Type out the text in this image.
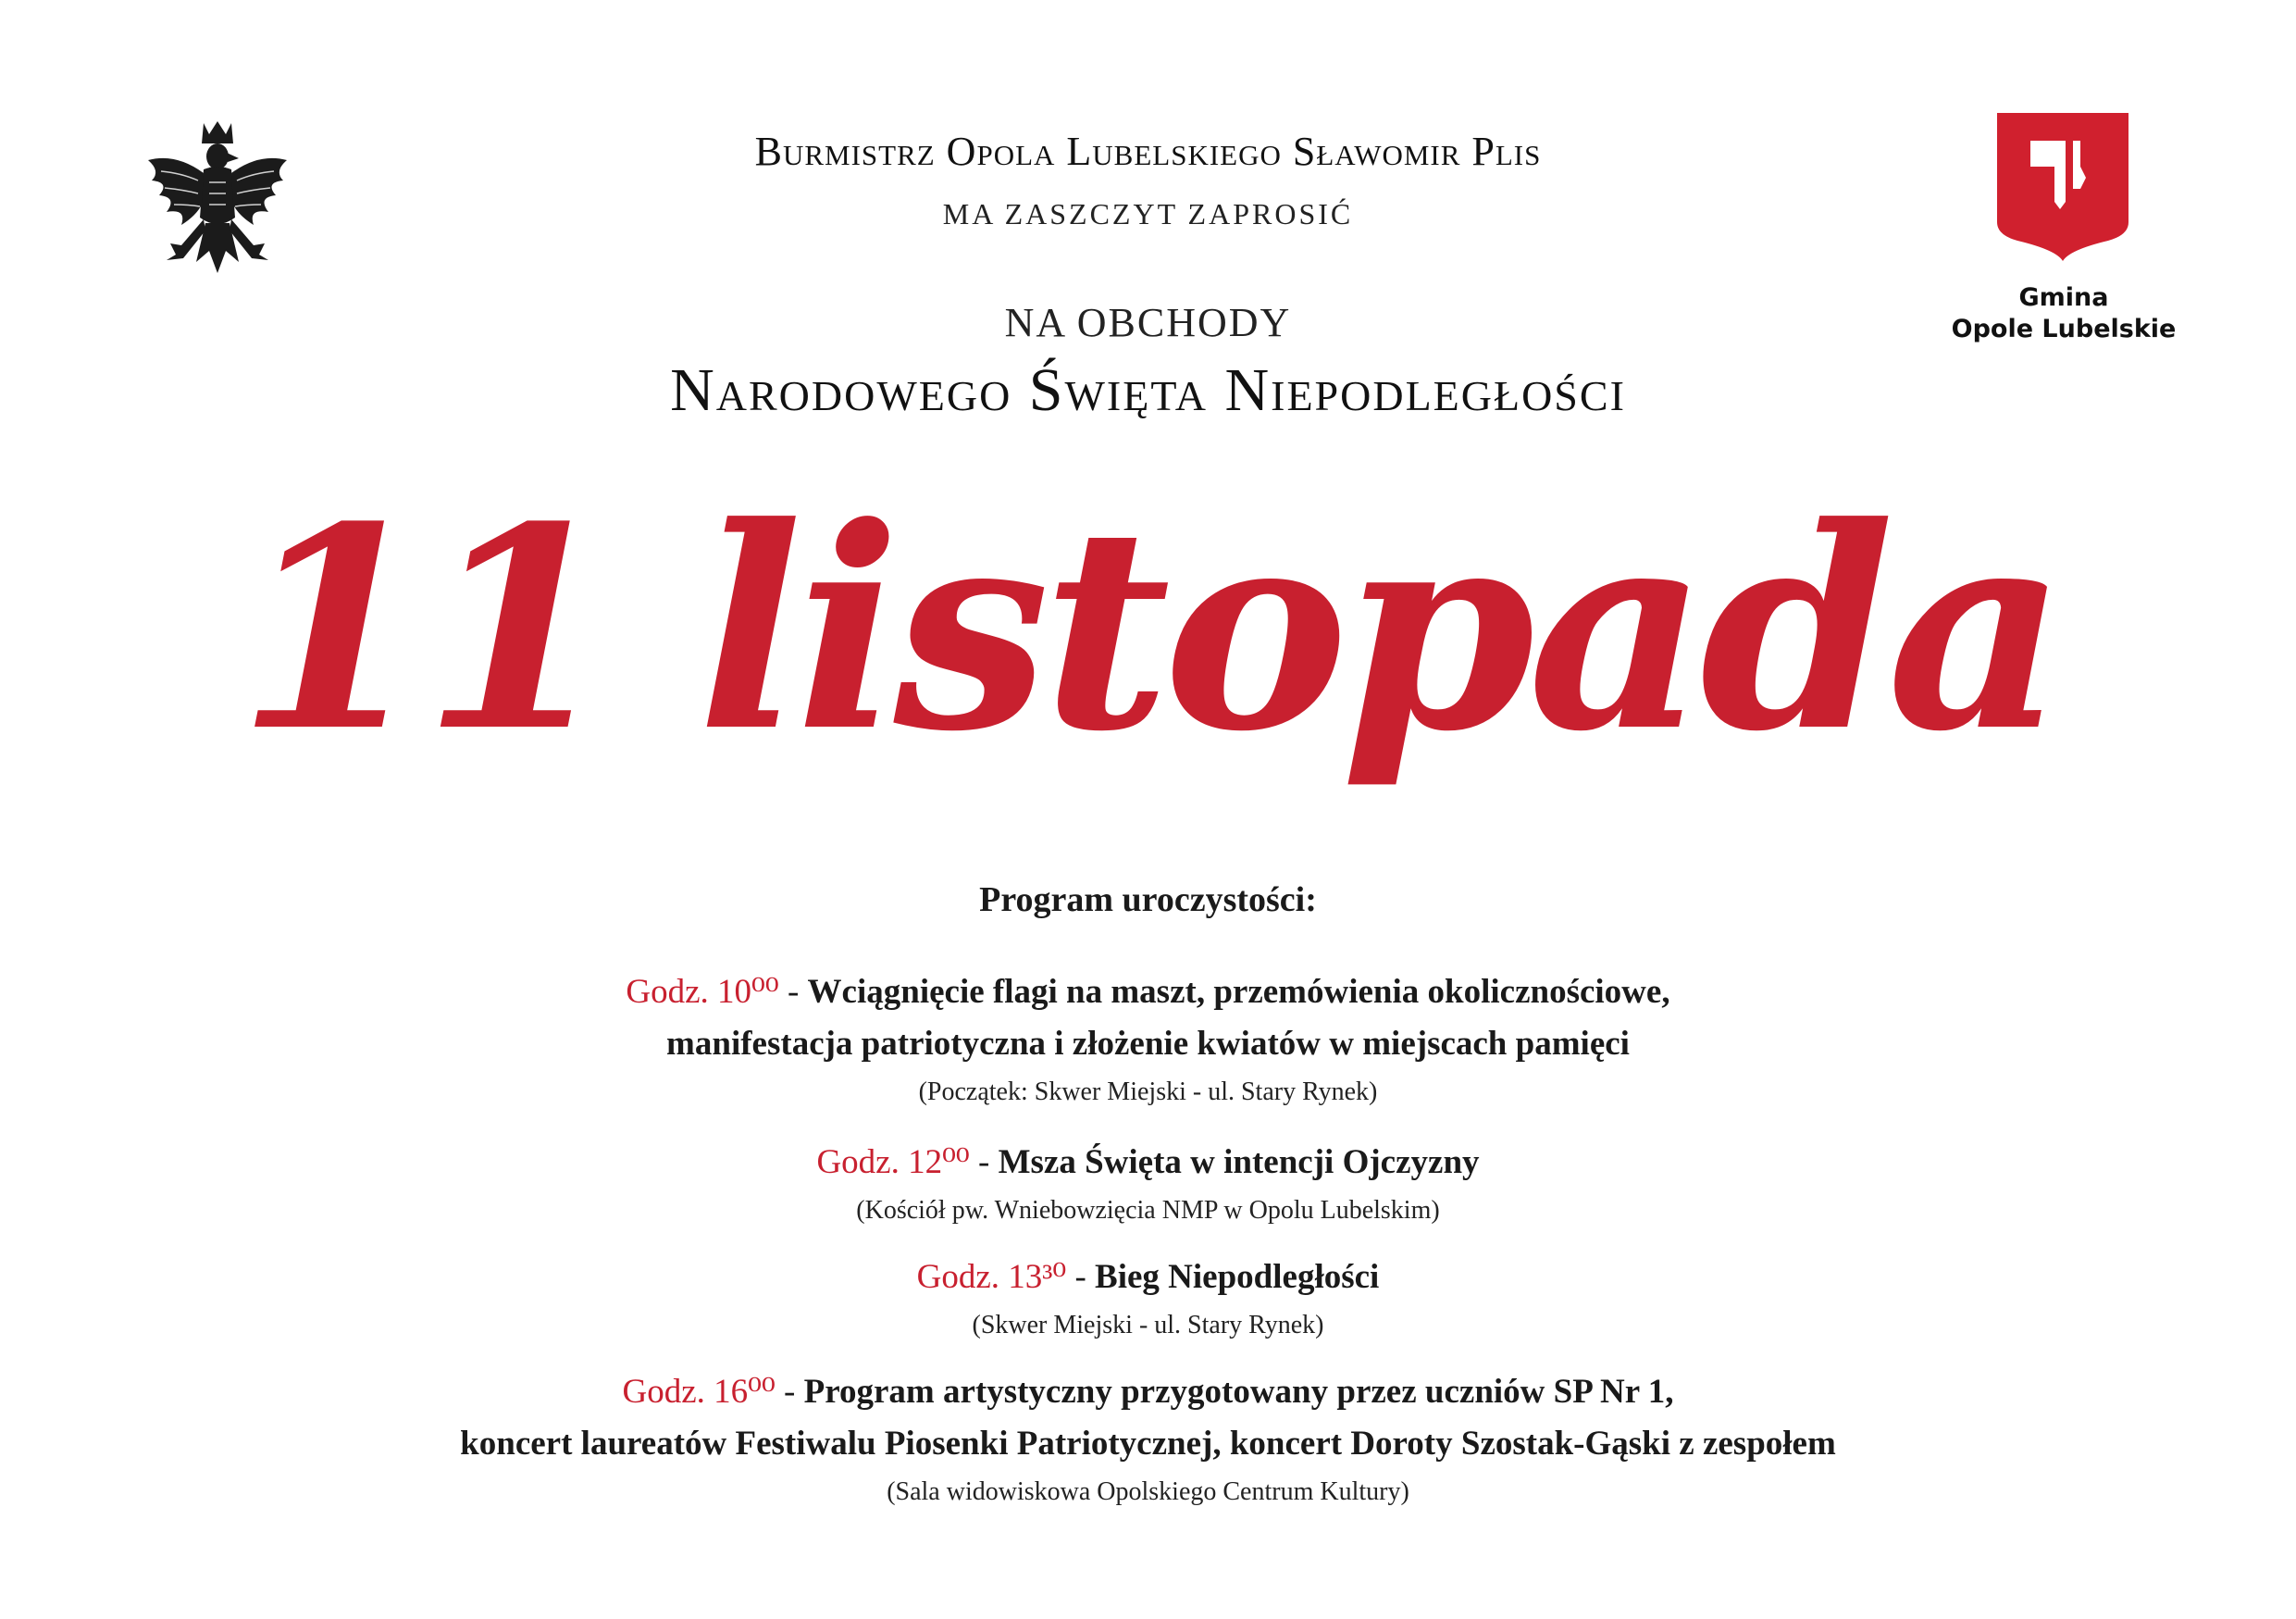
Gmina
Opole Lubelskie
Burmistrz Opola Lubelskiego Sławomir Plis
MA ZASZCZYT ZAPROSIĆ
NA OBCHODY
Narodowego Święta Niepodległości
11 listopada
Program uroczystości:
Godz. 10⁰⁰ - Wciągnięcie flagi na maszt, przemówienia okolicznościowe,
manifestacja patriotyczna i złożenie kwiatów w miejscach pamięci
(Początek: Skwer Miejski - ul. Stary Rynek)
Godz. 12⁰⁰ - Msza Święta w intencji Ojczyzny
(Kościół pw. Wniebowzięcia NMP w Opolu Lubelskim)
Godz. 13³⁰ - Bieg Niepodległości
(Skwer Miejski - ul. Stary Rynek)
Godz. 16⁰⁰ - Program artystyczny przygotowany przez uczniów SP Nr 1,
koncert laureatów Festiwalu Piosenki Patriotycznej, koncert Doroty Szostak-Gąski z zespołem
(Sala widowiskowa Opolskiego Centrum Kultury)
